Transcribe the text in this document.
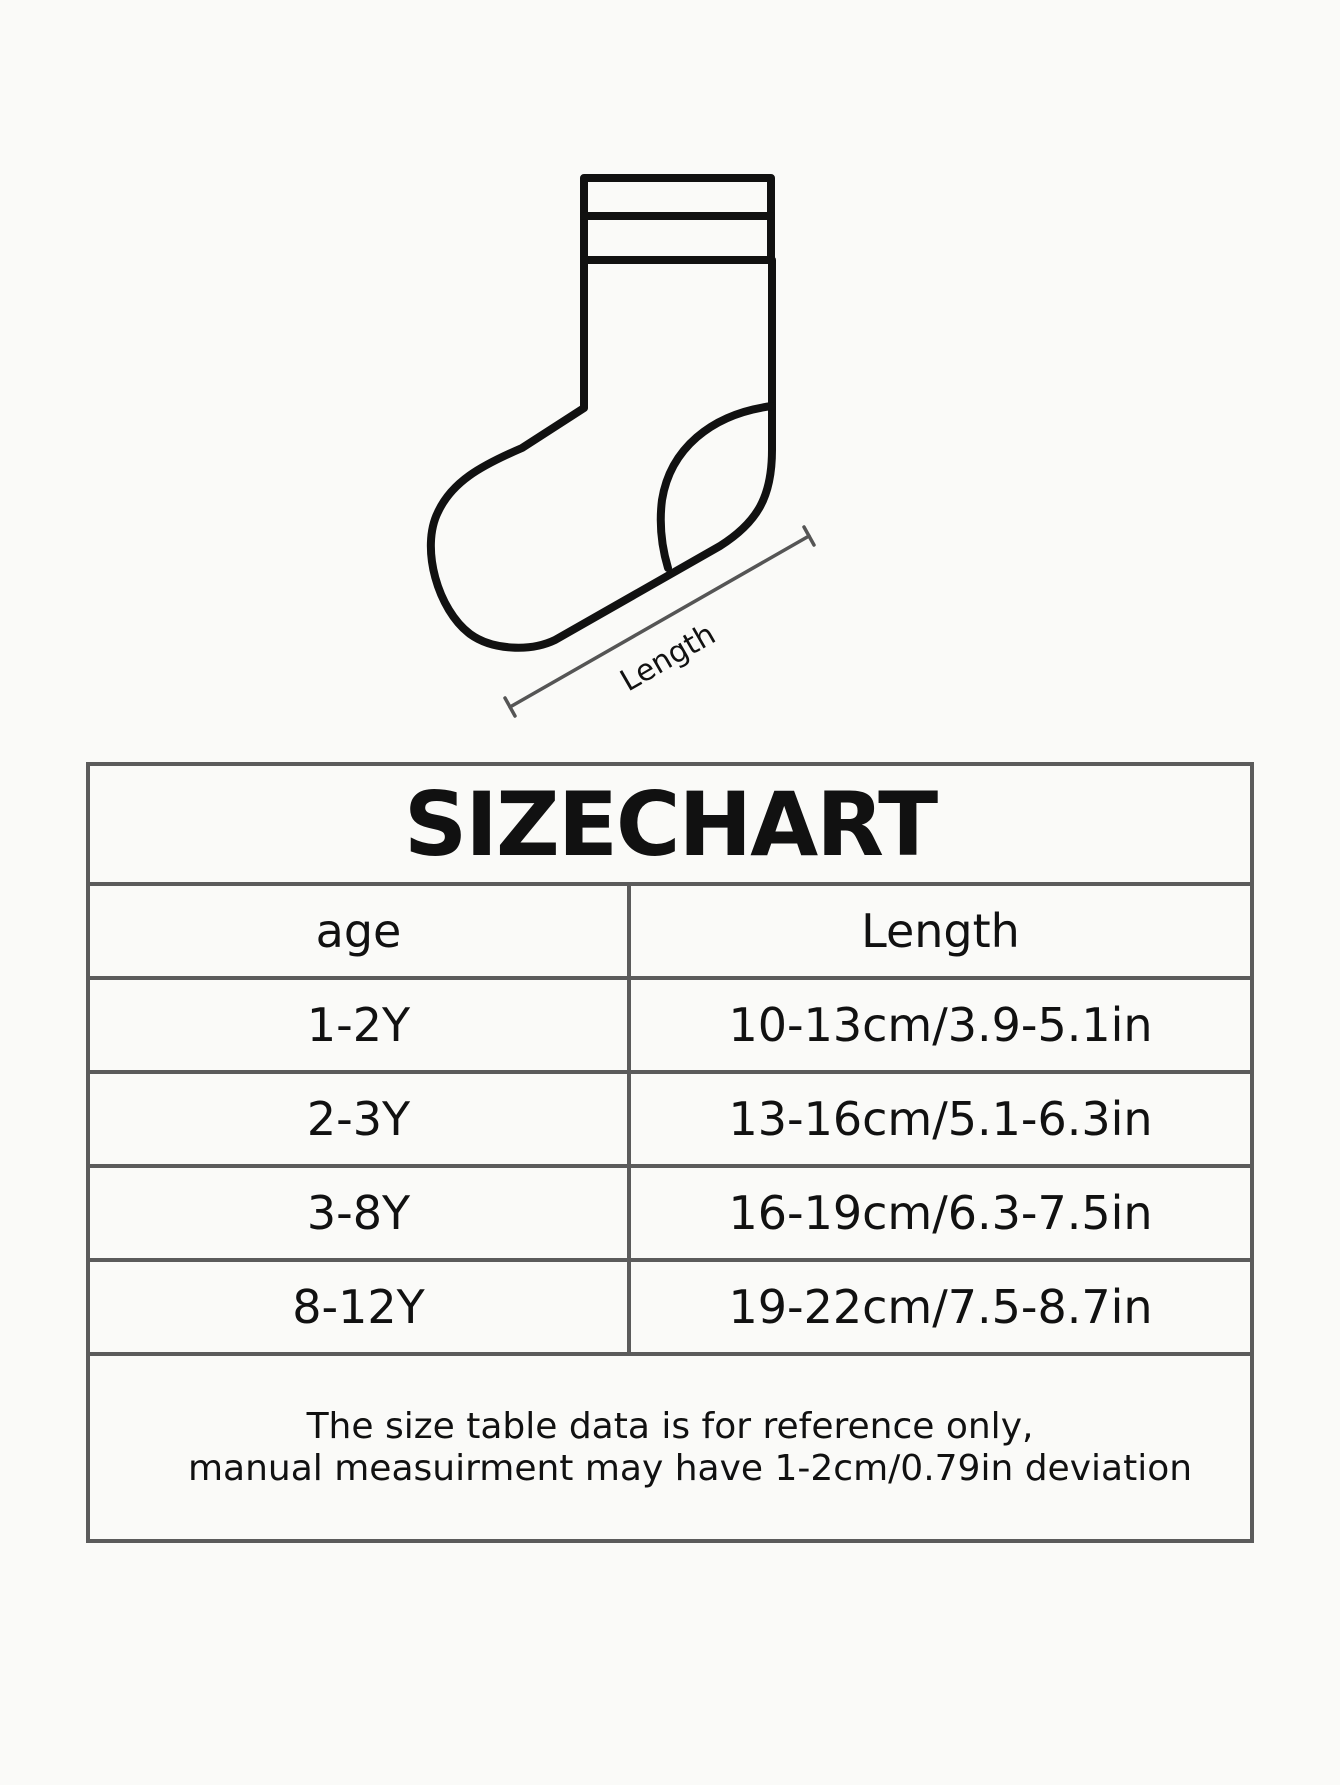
Length
SIZECHART
age	Length
1-2Y	10-13cm/3.9-5.1in
2-3Y	13-16cm/5.1-6.3in
3-8Y	16-19cm/6.3-7.5in
8-12Y	19-22cm/7.5-8.7in
The size table data is for reference only,
manual measuirment may have 1-2cm/0.79in deviation
